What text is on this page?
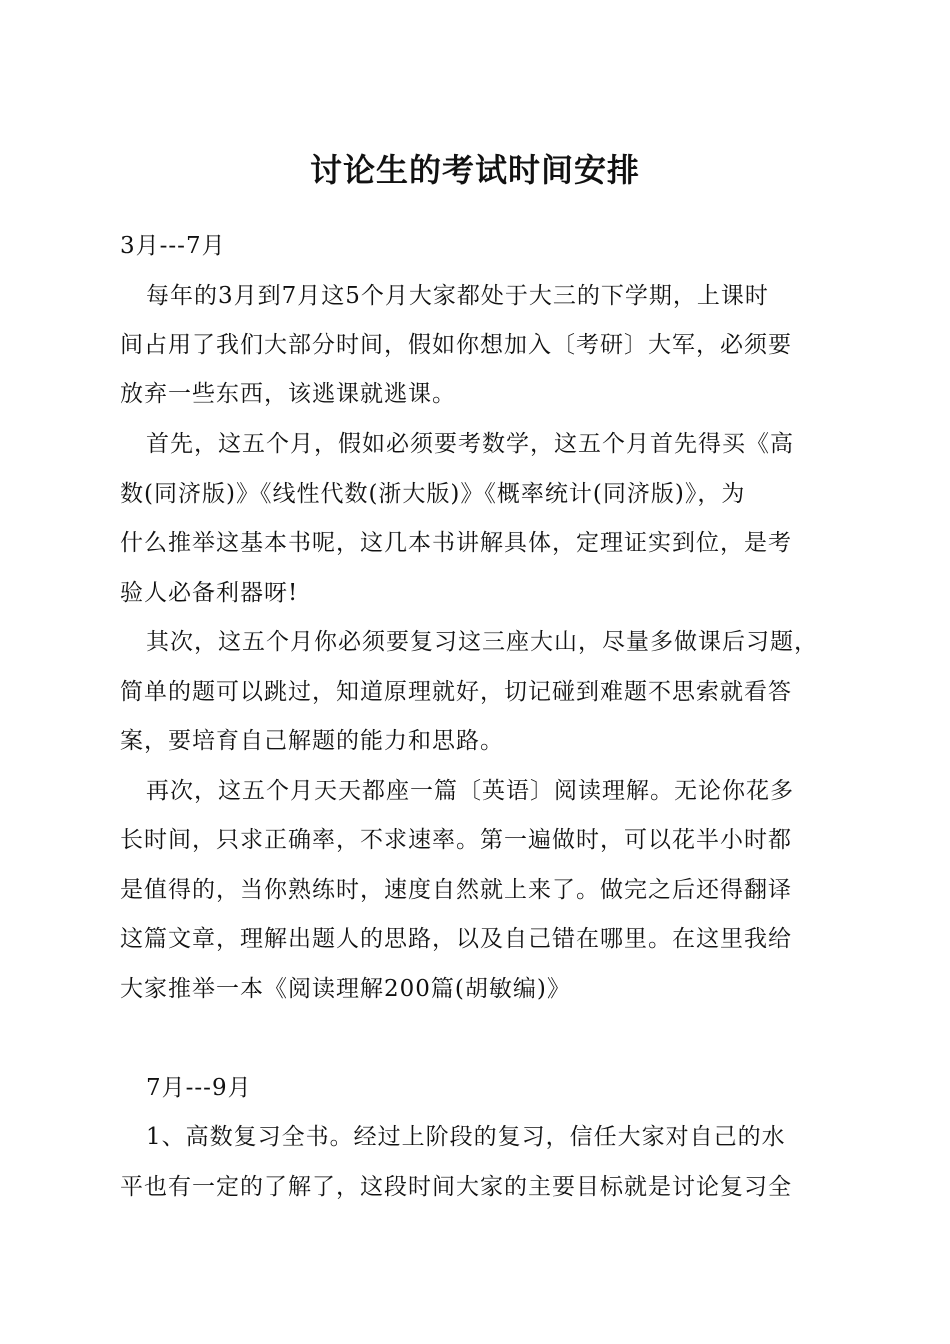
讨论生的考试时间安排
3月---7月
每年的3月到7月这5个月大家都处于大三的下学期，上课时
间占用了我们大部分时间，假如你想加入〔考研〕大军，必须要
放弃一些东西，该逃课就逃课。
首先，这五个月，假如必须要考数学，这五个月首先得买《高
数(同济版)》《线性代数(浙大版)》《概率统计(同济版)》，为
什么推举这基本书呢，这几本书讲解具体，定理证实到位，是考
验人必备利器呀!
其次，这五个月你必须要复习这三座大山，尽量多做课后习题，
简单的题可以跳过，知道原理就好，切记碰到难题不思索就看答
案，要培育自己解题的能力和思路。
再次，这五个月天天都座一篇〔英语〕阅读理解。无论你花多
长时间，只求正确率，不求速率。第一遍做时，可以花半小时都
是值得的，当你熟练时，速度自然就上来了。做完之后还得翻译
这篇文章，理解出题人的思路，以及自己错在哪里。在这里我给
大家推举一本《阅读理解200篇(胡敏编)》
7月---9月
1、高数复习全书。经过上阶段的复习，信任大家对自己的水
平也有一定的了解了，这段时间大家的主要目标就是讨论复习全
